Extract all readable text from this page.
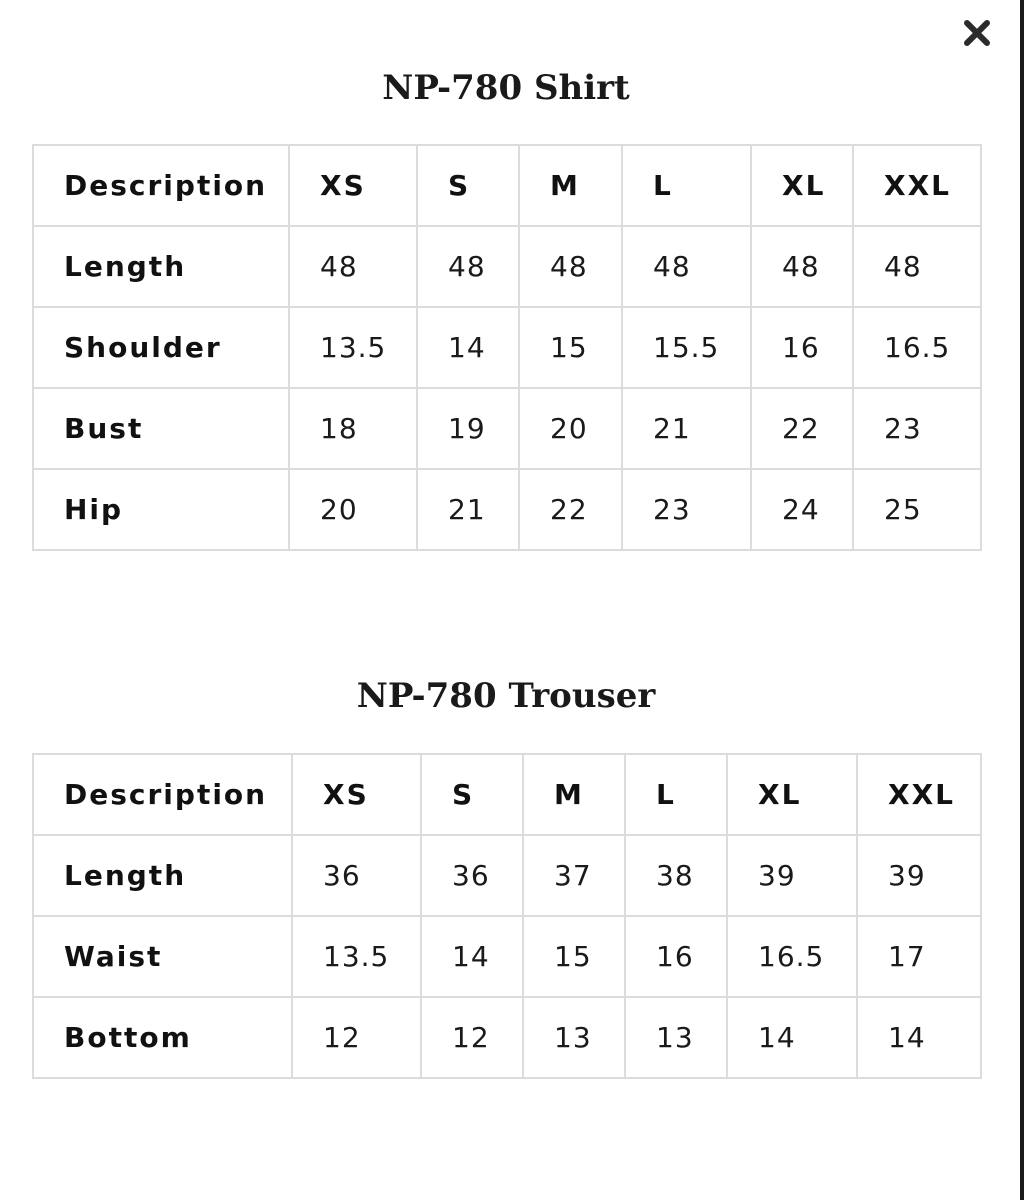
NP-780 Shirt
Description	XS	S	M	L	XL	XXL
Length	48	48	48	48	48	48
Shoulder	13.5	14	15	15.5	16	16.5
Bust	18	19	20	21	22	23
Hip	20	21	22	23	24	25
NP-780 Trouser
Description	XS	S	M	L	XL	XXL
Length	36	36	37	38	39	39
Waist	13.5	14	15	16	16.5	17
Bottom	12	12	13	13	14	14
